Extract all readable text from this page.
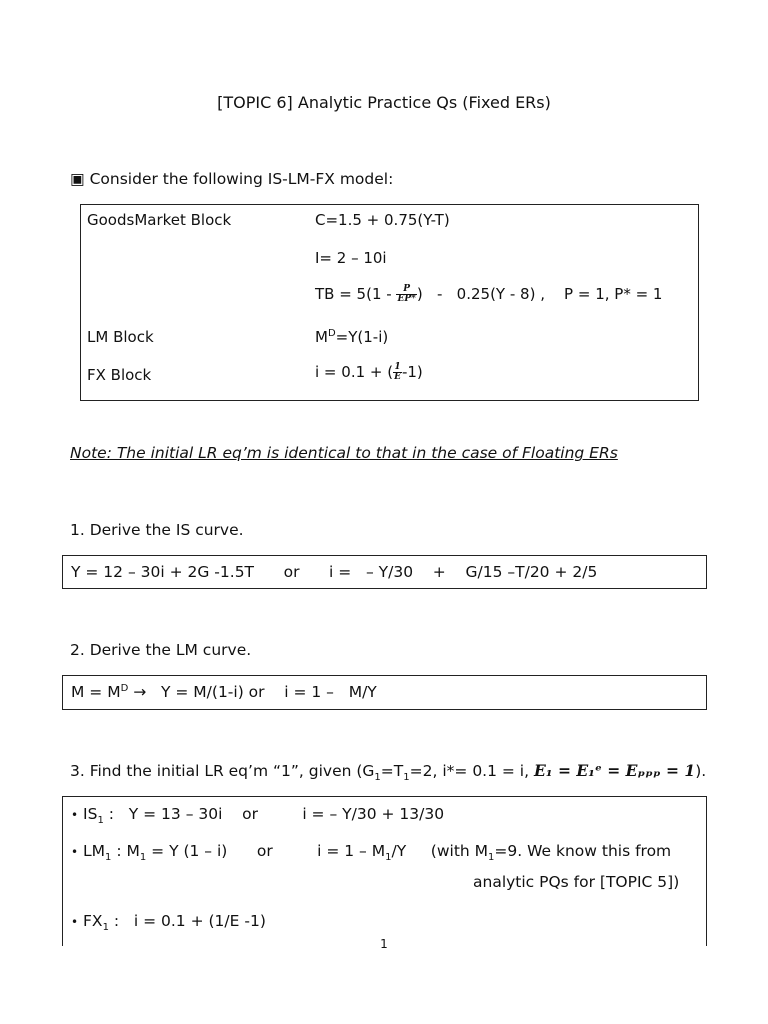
[TOPIC 6] Analytic Practice Qs (Fixed ERs)
▣ Consider the following IS-LM-FX model:
GoodsMarket Block	C=1.5 + 0.75(Y-T)
I= 2 – 10i
TB = $5(1 - \frac{P}{EP*}$ )   -   0.25(Y - 8) ,    P = 1, P* = 1
LM Block	$M^D=Y(1-i)$
FX Block	i = 0.1 + ( $\frac{1}{E} -1$)
Note: The initial LR eq’m is identical to that in the case of Floating ERs
1. Derive the IS curve.
Y = 12 – 30i + 2G -1.5T      or      i =   – Y/30    +    G/15 –T/20 + 2/5
2. Derive the LM curve.
$M = M^D \to Y = M/(1-i)$ or    i = 1 –   M/Y
3. Find the initial LR eq’m “1”, given ($G_1=T_1=2$, i*= 0.1 = i, E₁ = E₁ᵉ = Eₚₚₚ = 1).
• $IS_1$ :   Y = 13 – 30i    or         i = – Y/30 + 13/30
• $LM_1$ : $M_1 = Y$ (1 – i)      or         $i = 1 - M_1/Y$     (with $M_1=9$. We know this from
analytic PQs for [TOPIC 5])
• $FX_1$ :   i = 0.1 + (1/E -1)
1
